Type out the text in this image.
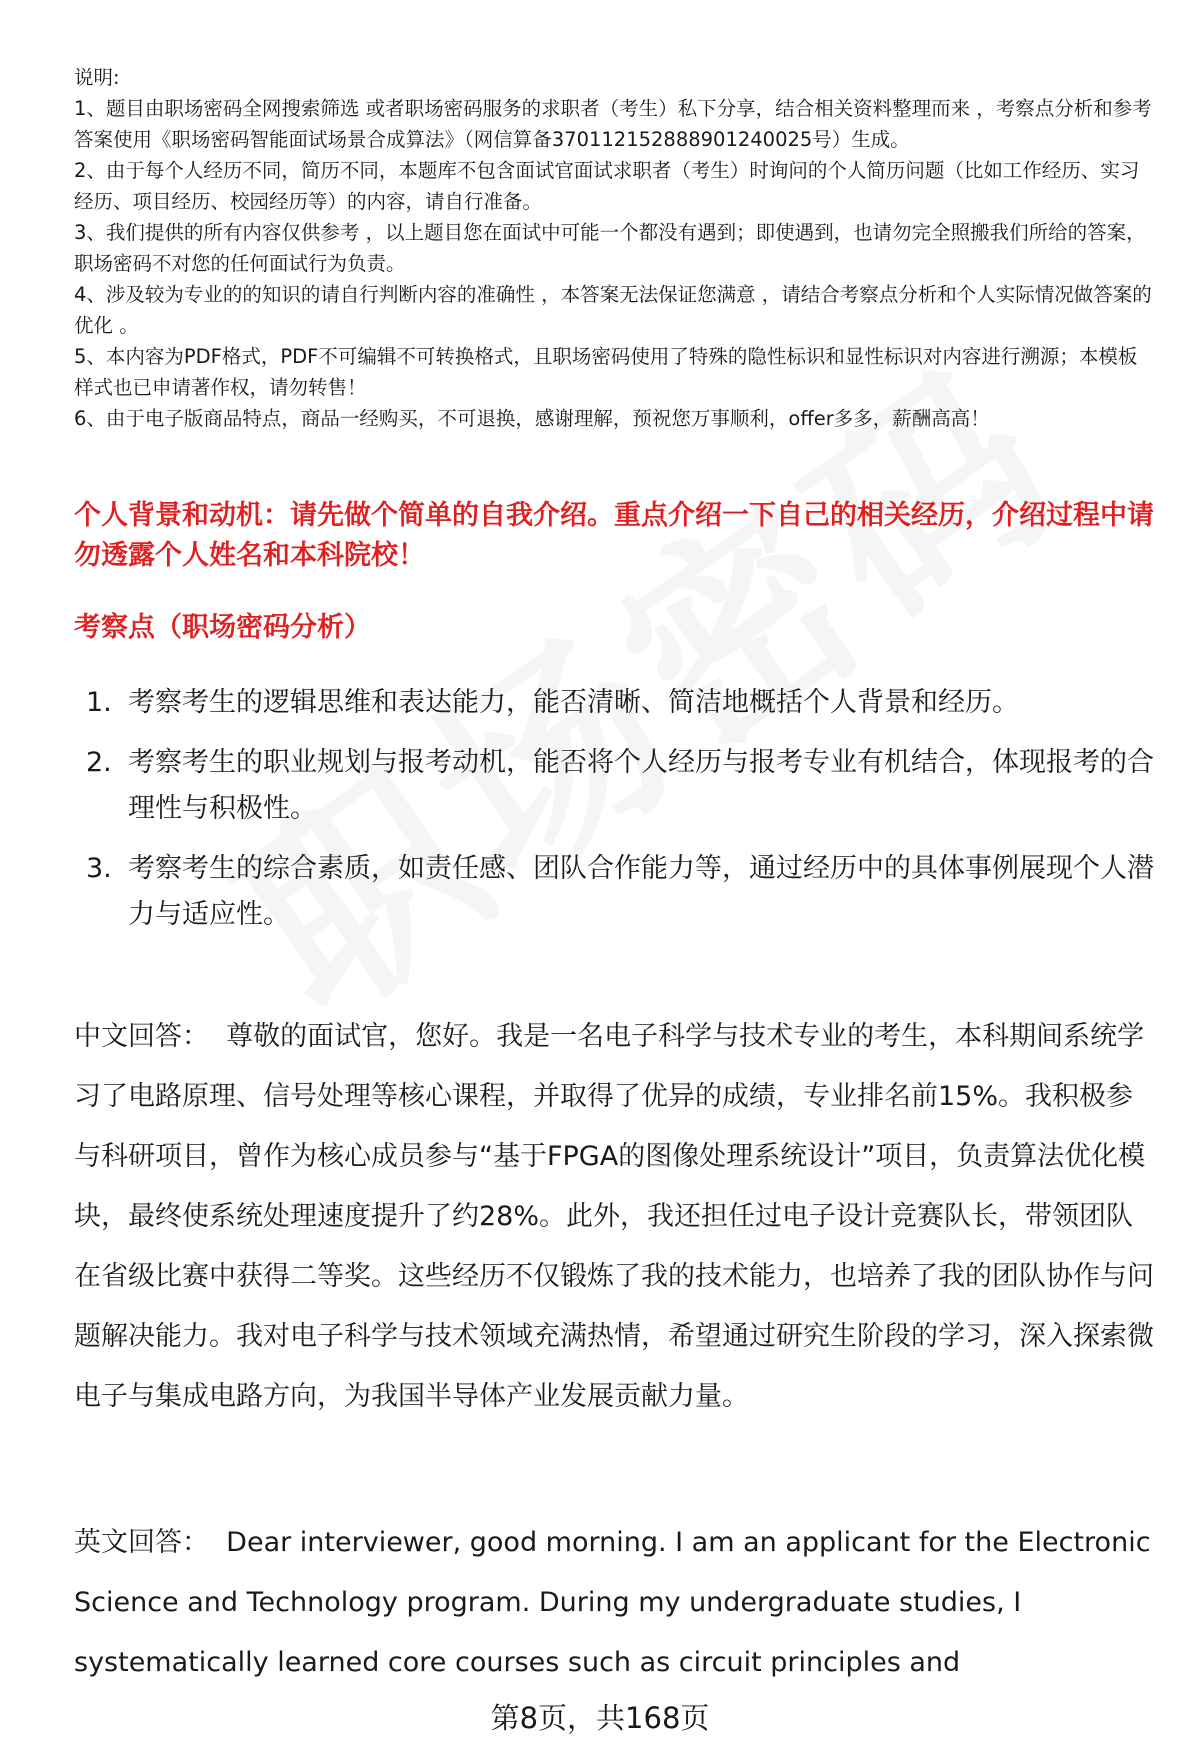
说明:

1、题目由职场密码全网搜索筛选 或者职场密码服务的求职者（考生）私下分享，结合相关资料整理而来 ，考察点分析和参考答案使用《职场密码智能面试场景合成算法》（网信算备370112152888901240025号）生成。

2、由于每个人经历不同，简历不同，本题库不包含面试官面试求职者（考生）时询问的个人简历问题（比如工作经历、实习经历、项目经历、校园经历等）的内容，请自行准备。

3、我们提供的所有内容仅供参考 ，以上题目您在面试中可能一个都没有遇到；即使遇到，也请勿完全照搬我们所给的答案，职场密码不对您的任何面试行为负责。

4、涉及较为专业的的知识的请自行判断内容的准确性 ，本答案无法保证您满意 ，请结合考察点分析和个人实际情况做答案的优化 。

5、本内容为PDF格式，PDF不可编辑不可转换格式，且职场密码使用了特殊的隐性标识和显性标识对内容进行溯源；本模板样式也已申请著作权，请勿转售！

6、由于电子版商品特点，商品一经购买，不可退换，感谢理解，预祝您万事顺利，offer多多，薪酬高高！

个人背景和动机：请先做个简单的自我介绍。重点介绍一下自己的相关经历，介绍过程中请勿透露个人姓名和本科院校！
考察点（职场密码分析）
1. 考察考生的逻辑思维和表达能力，能否清晰、简洁地概括个人背景和经历。
2. 考察考生的职业规划与报考动机，能否将个人经历与报考专业有机结合，体现报考的合理性与积极性。
3. 考察考生的综合素质，如责任感、团队合作能力等，通过经历中的具体事例展现个人潜力与适应性。

中文回答： 尊敬的面试官，您好。我是一名电子科学与技术专业的考生，本科期间系统学习了电路原理、信号处理等核心课程，并取得了优异的成绩，专业排名前15%。我积极参与科研项目，曾作为核心成员参与“基于FPGA的图像处理系统设计”项目，负责算法优化模块，最终使系统处理速度提升了约28%。此外，我还担任过电子设计竞赛队长，带领团队在省级比赛中获得二等奖。这些经历不仅锻炼了我的技术能力，也培养了我的团队协作与问题解决能力。我对电子科学与技术领域充满热情，希望通过研究生阶段的学习，深入探索微电子与集成电路方向，为我国半导体产业发展贡献力量。

英文回答： Dear interviewer, good morning. I am an applicant for the Electronic Science and Technology program. During my undergraduate studies, I systematically learned core courses such as circuit principles and

第8页，共168页
